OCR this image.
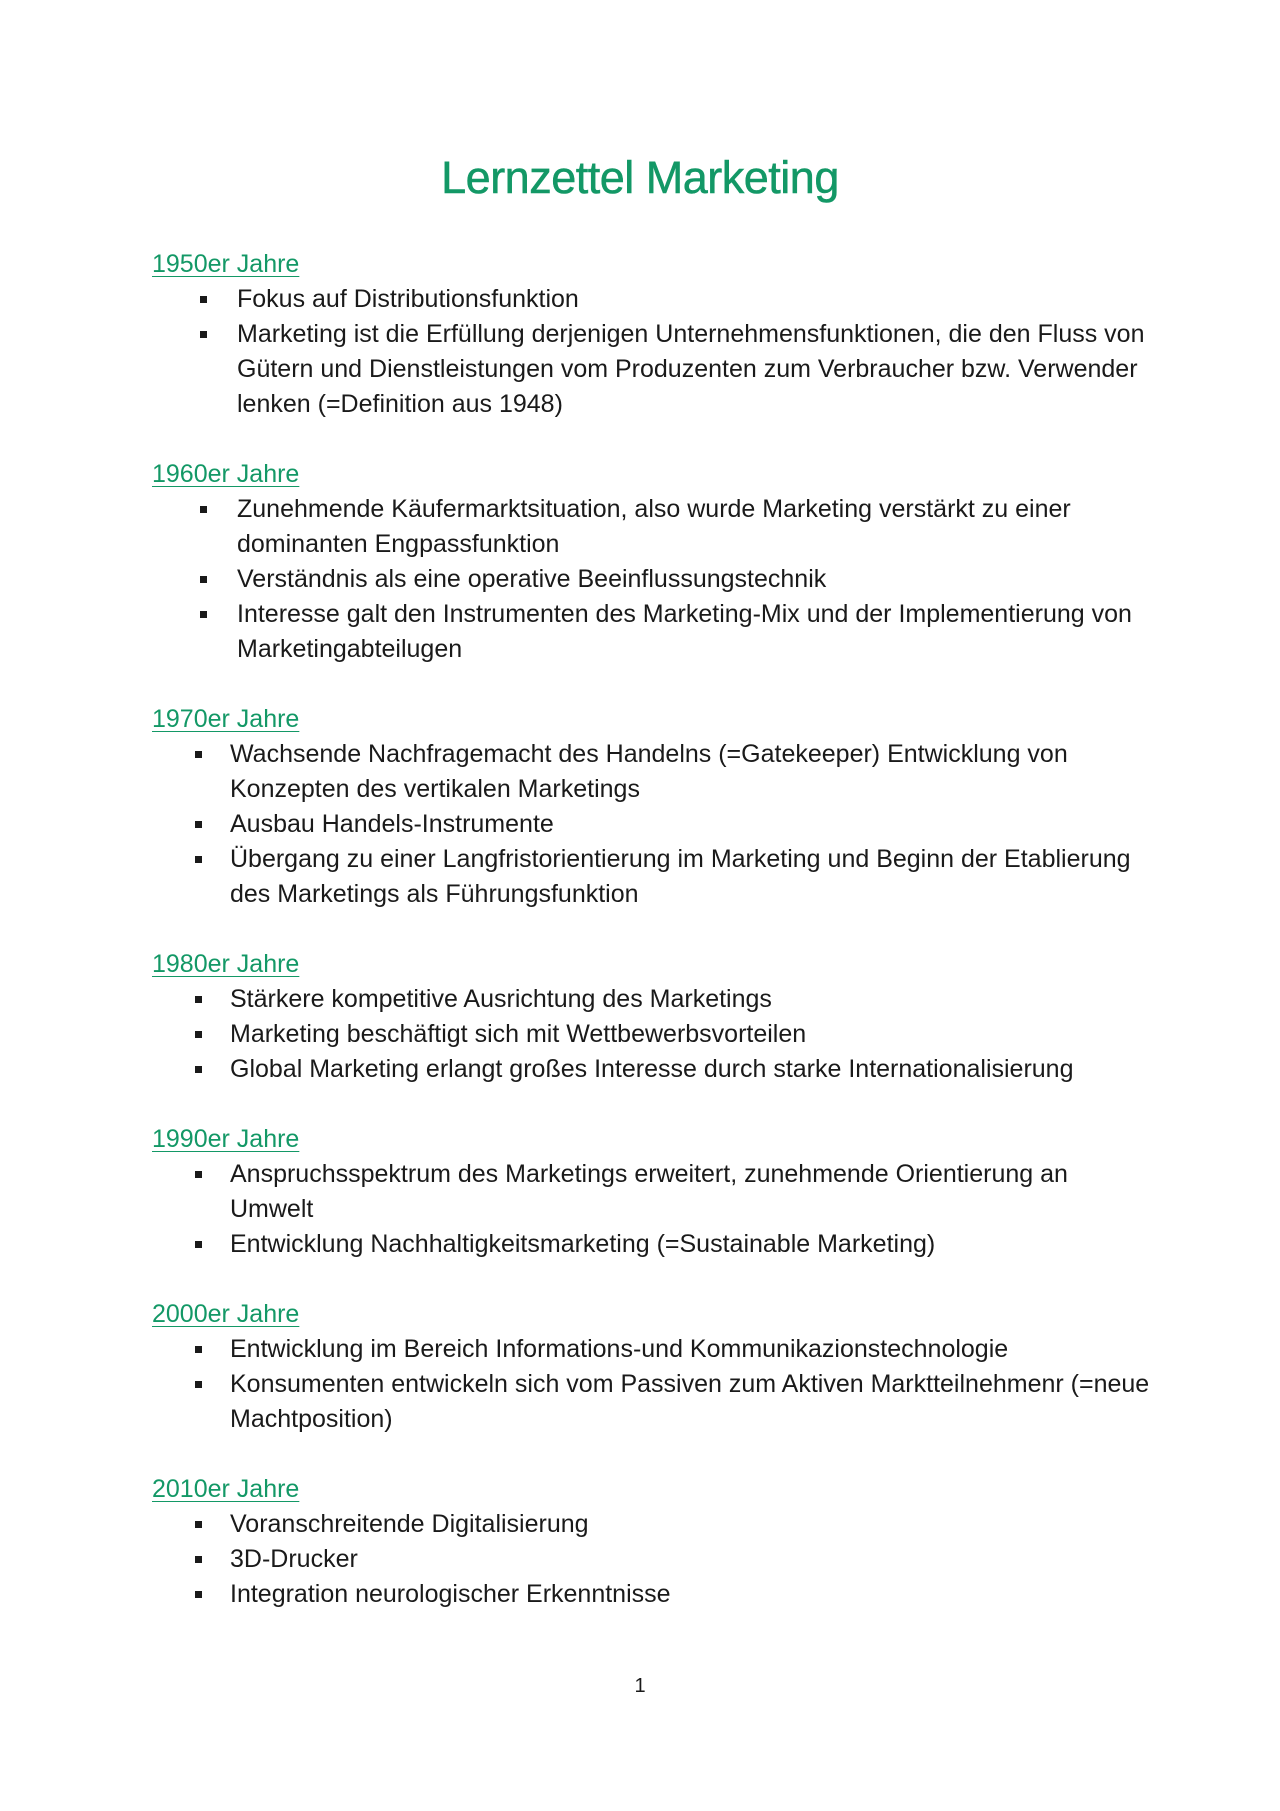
Lernzettel Marketing
1950er Jahre
Fokus auf Distributionsfunktion
Marketing ist die Erfüllung derjenigen Unternehmensfunktionen, die den Fluss von Gütern und Dienstleistungen vom Produzenten zum Verbraucher bzw. Verwender lenken (=Definition aus 1948)
1960er Jahre
Zunehmende Käufermarktsituation, also wurde Marketing verstärkt zu einer dominanten Engpassfunktion
Verständnis als eine operative Beeinflussungstechnik
Interesse galt den Instrumenten des Marketing-Mix und der Implementierung von Marketingabteilugen
1970er Jahre
Wachsende Nachfragemacht des Handelns (=Gatekeeper) Entwicklung von Konzepten des vertikalen Marketings
Ausbau Handels-Instrumente
Übergang zu einer Langfristorientierung im Marketing und Beginn der Etablierung des Marketings als Führungsfunktion
1980er Jahre
Stärkere kompetitive Ausrichtung des Marketings
Marketing beschäftigt sich mit Wettbewerbsvorteilen
Global Marketing erlangt großes Interesse durch starke Internationalisierung
1990er Jahre
Anspruchsspektrum des Marketings erweitert, zunehmende Orientierung an Umwelt
Entwicklung Nachhaltigkeitsmarketing (=Sustainable Marketing)
2000er Jahre
Entwicklung im Bereich Informations-und Kommunikazionstechnologie
Konsumenten entwickeln sich vom Passiven zum Aktiven Marktteilnehmenr (=neue Machtposition)
2010er Jahre
Voranschreitende Digitalisierung
3D-Drucker
Integration neurologischer Erkenntnisse
1
